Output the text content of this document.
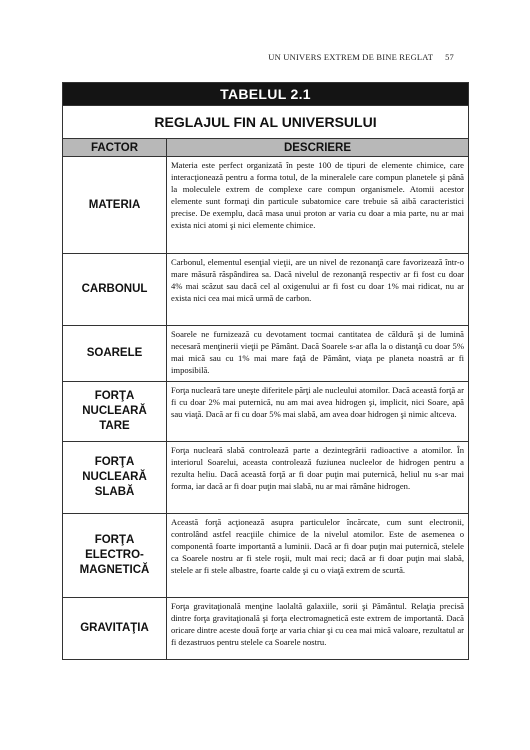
UN UNIVERS EXTREM DE BINE REGLAT 57
TABELUL 2.1	
REGLAJUL FIN AL UNIVERSULUI	
FACTOR	DESCRIERE
MATERIA	Materia este perfect organizată în peste 100 de tipuri de elemente chimice, care interacţionează pentru a forma totul, de la mineralele care compun planetele şi până la moleculele extrem de complexe care compun organismele. Atomii acestor elemente sunt formaţi din particule subatomice care trebuie să aibă caracteristici precise. De exemplu, dacă masa unui proton ar varia cu doar a mia parte, nu ar mai exista nici atomi şi nici elemente chimice.
CARBONUL	Carbonul, elementul esenţial vieţii, are un nivel de rezonanţă care favorizează într-o mare măsură răspândirea sa. Dacă nivelul de rezonanţă respectiv ar fi fost cu doar 4% mai scăzut sau dacă cel al oxigenului ar fi fost cu doar 1% mai ridicat, nu ar exista nici cea mai mică urmă de carbon.
SOARELE	Soarele ne furnizează cu devotament tocmai cantitatea de căldură şi de lumină necesară menţinerii vieţii pe Pământ. Dacă Soarele s-ar afla la o distanţă cu doar 5% mai mică sau cu 1% mai mare faţă de Pământ, viaţa pe planeta noastră ar fi imposibilă.
FORŢA NUCLEARĂ TARE	Forţa nucleară tare uneşte diferitele părţi ale nucleului atomilor. Dacă această forţă ar fi cu doar 2% mai puternică, nu am mai avea hidrogen şi, implicit, nici Soare, apă sau viaţă. Dacă ar fi cu doar 5% mai slabă, am avea doar hidrogen şi nimic altceva.
FORŢA NUCLEARĂ SLABĂ	Forţa nucleară slabă controlează parte a dezintegrării radioactive a atomilor. În interiorul Soarelui, aceasta controlează fuziunea nucleelor de hidrogen pentru a rezulta heliu. Dacă această forţă ar fi doar puţin mai puternică, heliul nu s-ar mai forma, iar dacă ar fi doar puţin mai slabă, nu ar mai rămâne hidrogen.
FORŢA ELECTRO-MAGNETICĂ	Această forţă acţionează asupra particulelor încărcate, cum sunt electronii, controlând astfel reacţiile chimice de la nivelul atomilor. Este de asemenea o componentă foarte importantă a luminii. Dacă ar fi doar puţin mai puternică, stelele ca Soarele nostru ar fi stele roşii, mult mai reci; dacă ar fi doar puţin mai slabă, stelele ar fi stele albastre, foarte calde şi cu o viaţă extrem de scurtă.
GRAVITAŢIA	Forţa gravitaţională menţine laolaltă galaxiile, sorii şi Pământul. Relaţia precisă dintre forţa gravitaţională şi forţa electromagnetică este extrem de importantă. Dacă oricare dintre aceste două forţe ar varia chiar şi cu cea mai mică valoare, rezultatul ar fi dezastruos pentru stelele ca Soarele nostru.
